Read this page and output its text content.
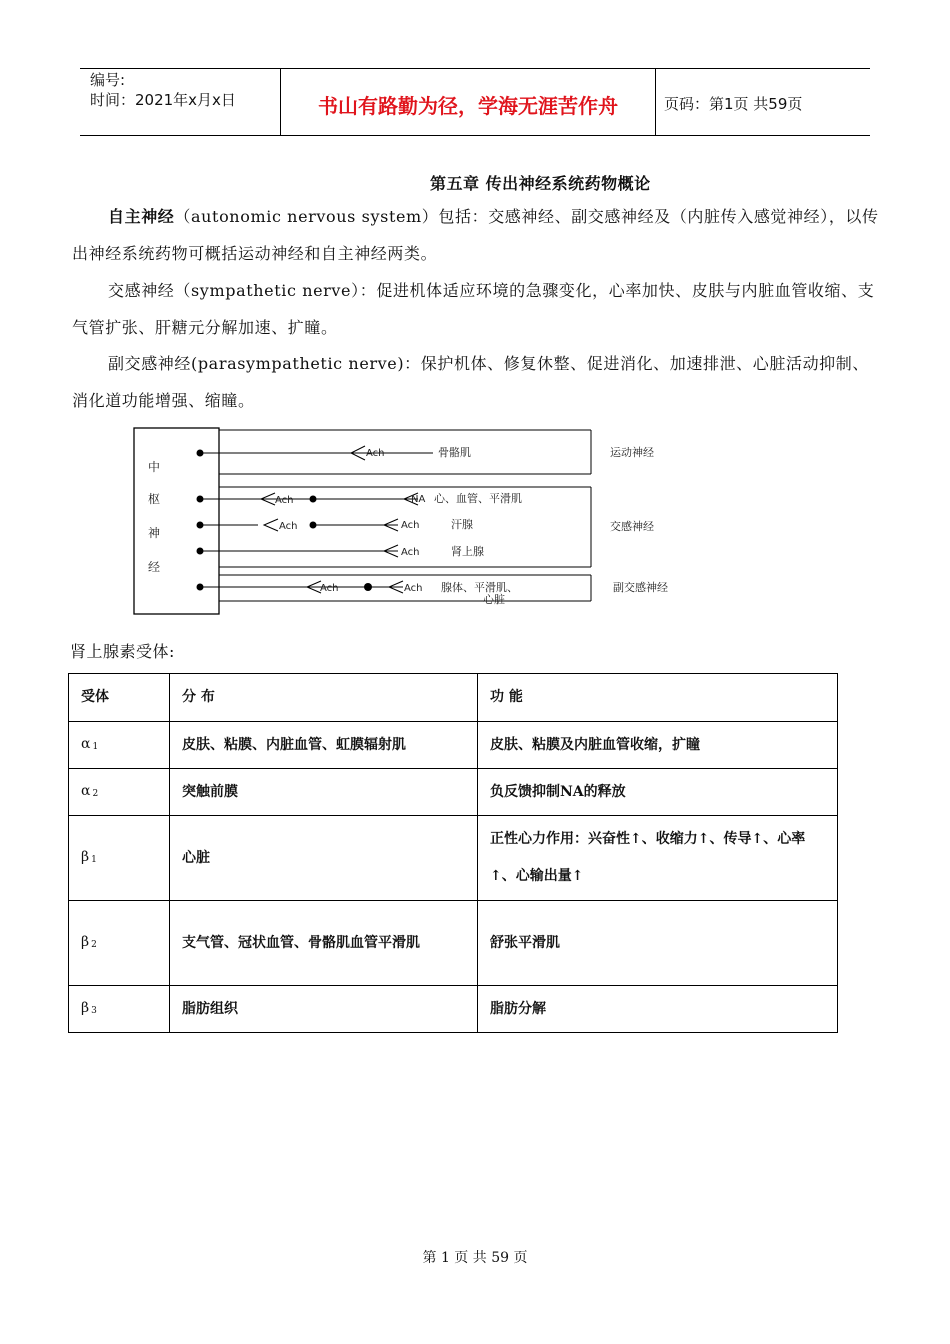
编号:
时间：2021年x月x日	书山有路勤为径，学海无涯苦作舟	页码：第1页 共59页
第五章 传出神经系统药物概论
自主神经（autonomic nervous system）包括：交感神经、副交感神经及（内脏传入感觉神经），以传出神经系统药物可概括运动神经和自主神经两类。
交感神经（sympathetic nerve）：促进机体适应环境的急骤变化，心率加快、皮肤与内脏血管收缩、支气管扩张、肝糖元分解加速、扩瞳。
副交感神经(parasympathetic nerve)：保护机体、修复休整、促进消化、加速排泄、心脏活动抑制、消化道功能增强、缩瞳。
中
枢
神
经
Ach	骨骼肌	运动神经
Ach	NA 心、血管、平滑肌
Ach	Ach	汗腺
Ach	肾上腺
交感神经
Ach	Ach 腺体、平滑肌、
心脏
副交感神经
肾上腺素受体:
受体	分 布	功 能
α $_1$	皮肤、粘膜、内脏血管、虹膜辐射肌	皮肤、粘膜及内脏血管收缩，扩瞳
α $_2$	突触前膜	负反馈抑制NA的释放
β $_1$	心脏	正性心力作用：兴奋性↑、收缩力↑、传导↑、心率↑、心输出量↑
β $_2$	支气管、冠状血管、骨骼肌血管平滑肌	舒张平滑肌
β $_3$	脂肪组织	脂肪分解
第 1 页 共 59 页
